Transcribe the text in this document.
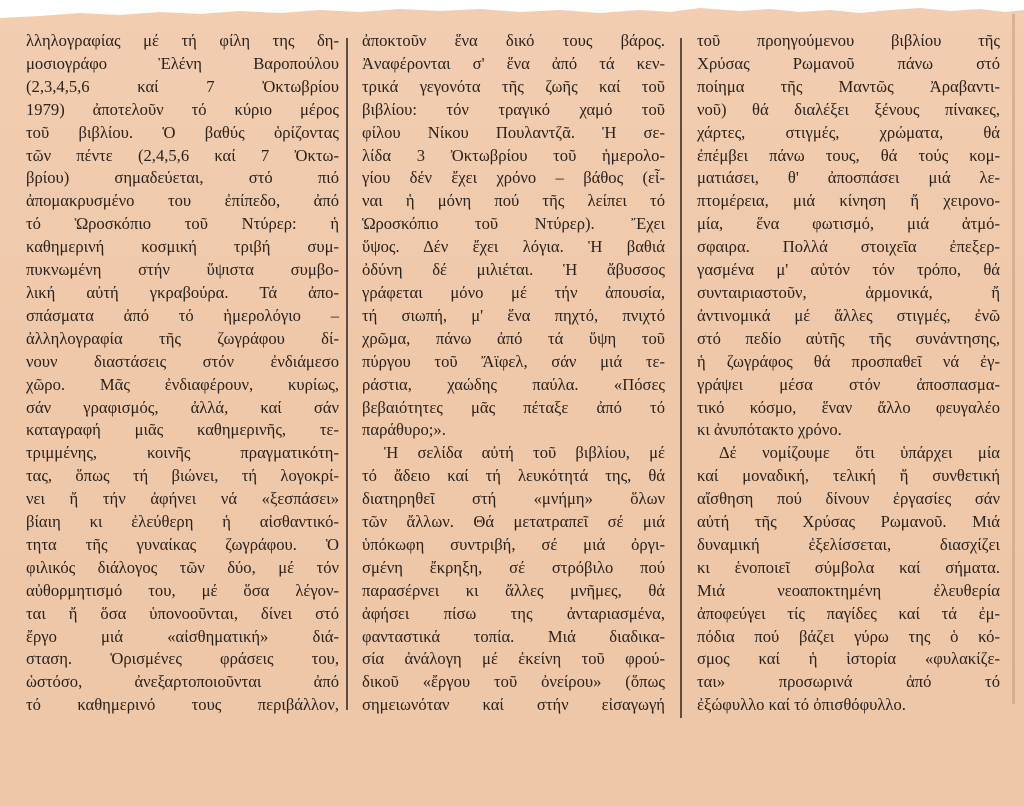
λληλογραφίας μέ τή φίλη της δη-
μοσιογράφο Ἑλένη Βαροπούλου
(2,3,4,5,6 καί 7 Ὀκτωβρίου
1979) ἀποτελοῦν τό κύριο μέρος
τοῦ βιβλίου. Ὁ βαθύς ὁρίζοντας
τῶν πέντε (2,4,5,6 καί 7 Ὀκτω-
βρίου) σημαδεύεται, στό πιό
ἀπομακρυσμένο του ἐπίπεδο, ἀπό
τό Ὡροσκόπιο τοῦ Ντύρερ: ἡ
καθημερινή κοσμική τριβή συμ-
πυκνωμένη στήν ὕψιστα συμβο-
λική αὐτή γκραβούρα. Τά ἀπο-
σπάσματα ἀπό τό ἡμερολόγιο –
ἀλληλογραφία τῆς ζωγράφου δί-
νουν διαστάσεις στόν ἐνδιάμεσο
χῶρο. Μᾶς ἐνδιαφέρουν, κυρίως,
σάν γραφισμός, ἀλλά, καί σάν
καταγραφή μιᾶς καθημερινῆς, τε-
τριμμένης, κοινῆς πραγματικότη-
τας, ὅπως τή βιώνει, τή λογοκρί-
νει ἤ τήν ἀφήνει νά «ξεσπάσει»
βίαιη κι ἐλεύθερη ἡ αἰσθαντικό-
τητα τῆς γυναίκας ζωγράφου. Ὁ
φιλικός διάλογος τῶν δύο, μέ τόν
αὐθορμητισμό του, μέ ὅσα λέγον-
ται ἤ ὅσα ὑπονοοῦνται, δίνει στό
ἔργο μιά «αἰσθηματική» διά-
σταση. Ὁρισμένες φράσεις του,
ὡστόσο, ἀνεξαρτοποιοῦνται ἀπό
τό καθημερινό τους περιβάλλον,
ἀποκτοῦν ἕνα δικό τους βάρος.
Ἀναφέρονται σ' ἕνα ἀπό τά κεν-
τρικά γεγονότα τῆς ζωῆς καί τοῦ
βιβλίου: τόν τραγικό χαμό τοῦ
φίλου Νίκου Πουλαντζᾶ. Ἡ σε-
λίδα 3 Ὀκτωβρίου τοῦ ἡμερολο-
γίου δέν ἔχει χρόνο – βάθος (εἶ-
ναι ἡ μόνη πού τῆς λείπει τό
Ὡροσκόπιο τοῦ Ντύρερ). Ἔχει
ὕψος. Δέν ἔχει λόγια. Ἡ βαθιά
ὀδύνη δέ μιλιέται. Ἡ ἄβυσσος
γράφεται μόνο μέ τήν ἀπουσία,
τή σιωπή, μ' ἕνα πηχτό, πνιχτό
χρῶμα, πάνω ἀπό τά ὕψη τοῦ
πύργου τοῦ Ἄϊφελ, σάν μιά τε-
ράστια, χαώδης παύλα. «Πόσες
βεβαιότητες μᾶς πέταξε ἀπό τό
παράθυρο;».
Ἡ σελίδα αὐτή τοῦ βιβλίου, μέ
τό ἄδειο καί τή λευκότητά της, θά
διατηρηθεῖ στή «μνήμη» ὅλων
τῶν ἄλλων. Θά μετατραπεῖ σέ μιά
ὑπόκωφη συντριβή, σέ μιά ὀργι-
σμένη ἔκρηξη, σέ στρόβιλο πού
παρασέρνει κι ἄλλες μνῆμες, θά
ἀφήσει πίσω της ἀνταριασμένα,
φανταστικά τοπία. Μιά διαδικα-
σία ἀνάλογη μέ ἐκείνη τοῦ φρού-
δικοῦ «ἔργου τοῦ ὀνείρου» (ὅπως
σημειωνόταν καί στήν εἰσαγωγή
τοῦ προηγούμενου βιβλίου τῆς
Χρύσας Ρωμανοῦ πάνω στό
ποίημα τῆς Μαντῶς Ἀραβαντι-
νοῦ) θά διαλέξει ξένους πίνακες,
χάρτες, στιγμές, χρώματα, θά
ἐπέμβει πάνω τους, θά τούς κομ-
ματιάσει, θ' ἀποσπάσει μιά λε-
πτομέρεια, μιά κίνηση ἤ χειρονο-
μία, ἕνα φωτισμό, μιά ἀτμό-
σφαιρα. Πολλά στοιχεῖα ἐπεξερ-
γασμένα μ' αὐτόν τόν τρόπο, θά
συνταιριαστοῦν, ἁρμονικά, ἤ
ἀντινομικά μέ ἄλλες στιγμές, ἐνῶ
στό πεδίο αὐτῆς τῆς συνάντησης,
ἡ ζωγράφος θά προσπαθεῖ νά ἐγ-
γράψει μέσα στόν ἀποσπασμα-
τικό κόσμο, ἕναν ἄλλο φευγαλέο
κι ἀνυπότακτο χρόνο.
Δέ νομίζουμε ὅτι ὑπάρχει μία
καί μοναδική, τελική ἤ συνθετική
αἴσθηση πού δίνουν ἐργασίες σάν
αὐτή τῆς Χρύσας Ρωμανοῦ. Μιά
δυναμική ἐξελίσσεται, διασχίζει
κι ἑνοποιεῖ σύμβολα καί σήματα.
Μιά νεοαποκτημένη ἐλευθερία
ἀποφεύγει τίς παγίδες καί τά ἐμ-
πόδια πού βάζει γύρω της ὁ κό-
σμος καί ἡ ἱστορία «φυλακίζε-
ται» προσωρινά ἀπό τό
ἐξώφυλλο καί τό ὀπισθόφυλλο.
